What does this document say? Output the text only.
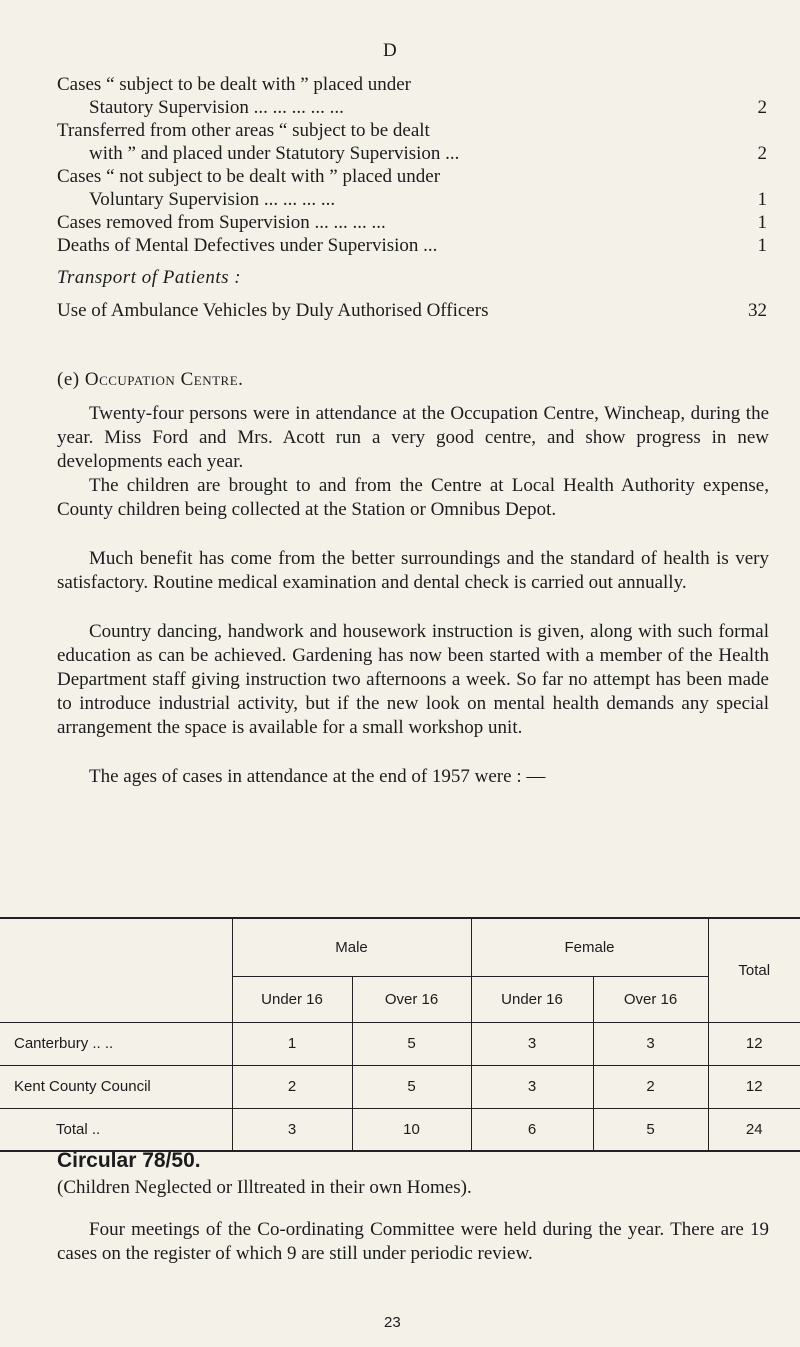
D
Cases “ subject to be dealt with ” placed under
Stautory Supervision ... ... ... ... ...	2
Transferred from other areas “ subject to be dealt
with ” and placed under Statutory Supervision ...	2
Cases “ not subject to be dealt with ” placed under
Voluntary Supervision ... ... ... ...	1
Cases removed from Supervision ... ... ... ...	1
Deaths of Mental Defectives under Supervision ...	1
Transport of Patients :
Use of Ambulance Vehicles by Duly Authorised Officers	32
(e) Occupation Centre.

Twenty-four persons were in attendance at the Occupation Centre, Wincheap, during the year. Miss Ford and Mrs. Acott run a very good centre, and show progress in new developments each year.

The children are brought to and from the Centre at Local Health Authority expense, County children being collected at the Station or Omnibus Depot.

Much benefit has come from the better surroundings and the standard of health is very satisfactory. Routine medical examination and dental check is carried out annually.

Country dancing, handwork and housework instruction is given, along with such formal education as can be achieved. Gardening has now been started with a member of the Health Department staff giving instruction two afternoons a week. So far no attempt has been made to introduce industrial activity, but if the new look on mental health demands any special arrangement the space is available for a small workshop unit.

The ages of cases in attendance at the end of 1957 were : —

	Male		Female		Total
	Under 16	Over 16	Under 16	Over 16	
Canterbury .. ..	1	5	3	3	12
Kent County Council	2	5	3	2	12
Total ..	3	10	6	5	24
Circular 78/50.
(Children Neglected or Illtreated in their own Homes).

Four meetings of the Co-ordinating Committee were held during the year. There are 19 cases on the register of which 9 are still under periodic review.

23
